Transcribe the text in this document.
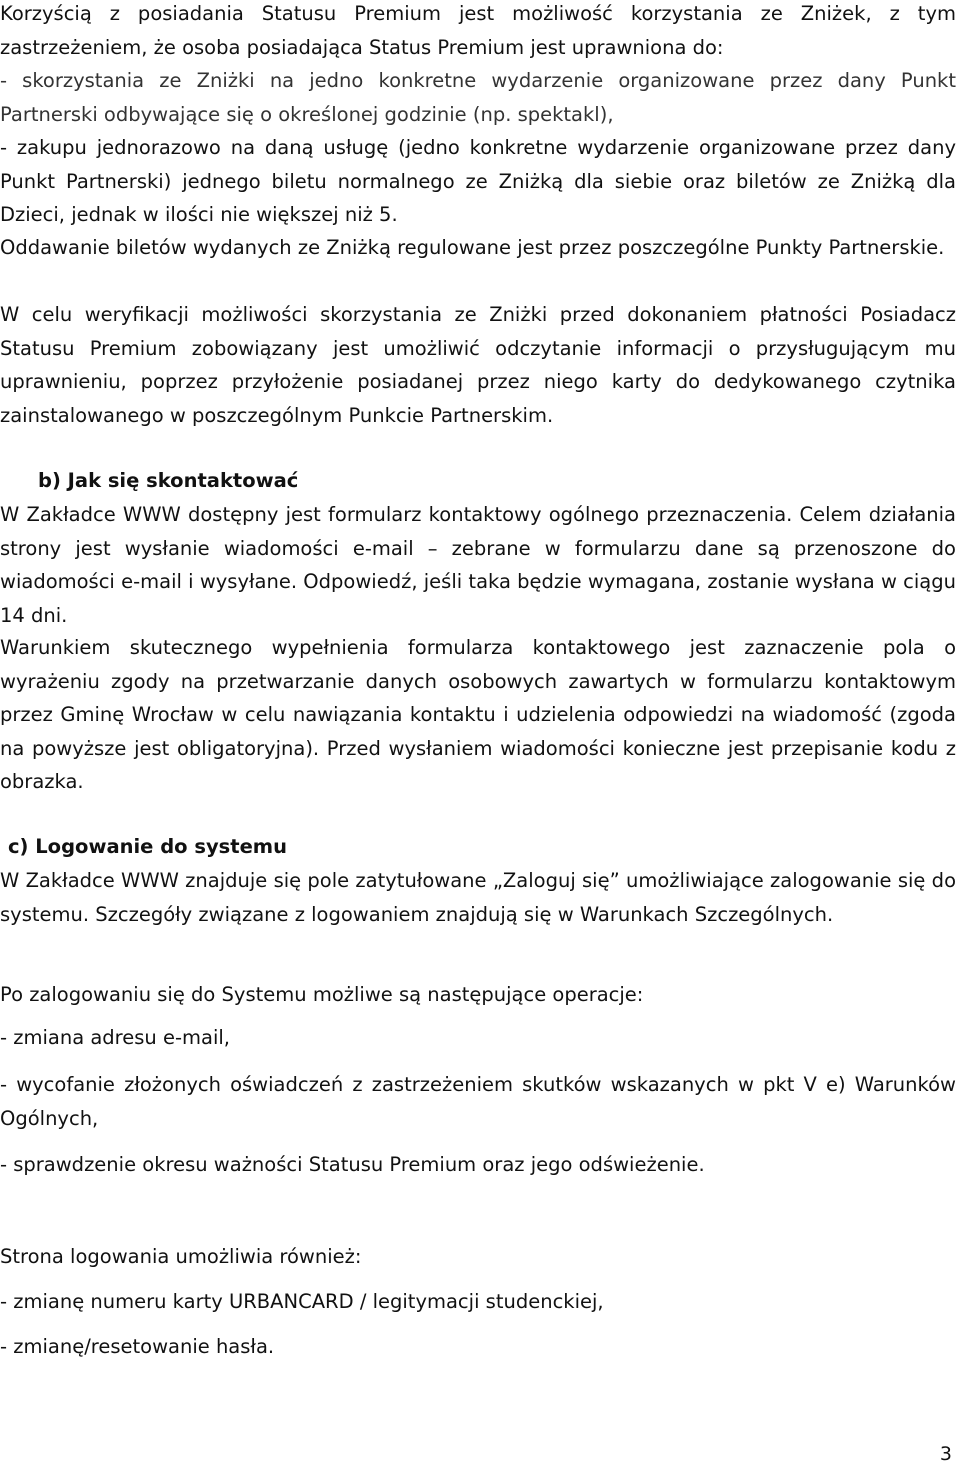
Korzyścią z posiadania Statusu Premium jest możliwość korzystania ze Zniżek, z tym zastrzeżeniem, że osoba posiadająca Status Premium jest uprawniona do:

- skorzystania ze Zniżki na jedno konkretne wydarzenie organizowane przez dany Punkt Partnerski odbywające się o określonej godzinie (np. spektakl),

- zakupu jednorazowo na daną usługę (jedno konkretne wydarzenie organizowane przez dany Punkt Partnerski) jednego biletu normalnego ze Zniżką dla siebie oraz biletów ze Zniżką dla Dzieci, jednak w ilości nie większej niż 5.

Oddawanie biletów wydanych ze Zniżką regulowane jest przez poszczególne Punkty Partnerskie.

W celu weryfikacji możliwości skorzystania ze Zniżki przed dokonaniem płatności Posiadacz Statusu Premium zobowiązany jest umożliwić odczytanie informacji o przysługującym mu uprawnieniu, poprzez przyłożenie posiadanej przez niego karty do dedykowanego czytnika zainstalowanego w poszczególnym Punkcie Partnerskim.

b) Jak się skontaktować

W Zakładce WWW dostępny jest formularz kontaktowy ogólnego przeznaczenia. Celem działania strony jest wysłanie wiadomości e-mail – zebrane w formularzu dane są przenoszone do wiadomości e-mail i wysyłane. Odpowiedź, jeśli taka będzie wymagana, zostanie wysłana w ciągu 14 dni.

Warunkiem skutecznego wypełnienia formularza kontaktowego jest zaznaczenie pola o wyrażeniu zgody na przetwarzanie danych osobowych zawartych w formularzu kontaktowym przez Gminę Wrocław w celu nawiązania kontaktu i udzielenia odpowiedzi na wiadomość (zgoda na powyższe jest obligatoryjna). Przed wysłaniem wiadomości konieczne jest przepisanie kodu z obrazka.

c) Logowanie do systemu

W Zakładce WWW znajduje się pole zatytułowane „Zaloguj się” umożliwiające zalogowanie się do systemu. Szczegóły związane z logowaniem znajdują się w Warunkach Szczególnych.

Po zalogowaniu się do Systemu możliwe są następujące operacje:

- zmiana adresu e-mail,

- wycofanie złożonych oświadczeń z zastrzeżeniem skutków wskazanych w pkt V e) Warunków Ogólnych,

- sprawdzenie okresu ważności Statusu Premium oraz jego odświeżenie.

Strona logowania umożliwia również:

- zmianę numeru karty URBANCARD / legitymacji studenckiej,

- zmianę/resetowanie hasła.

3
